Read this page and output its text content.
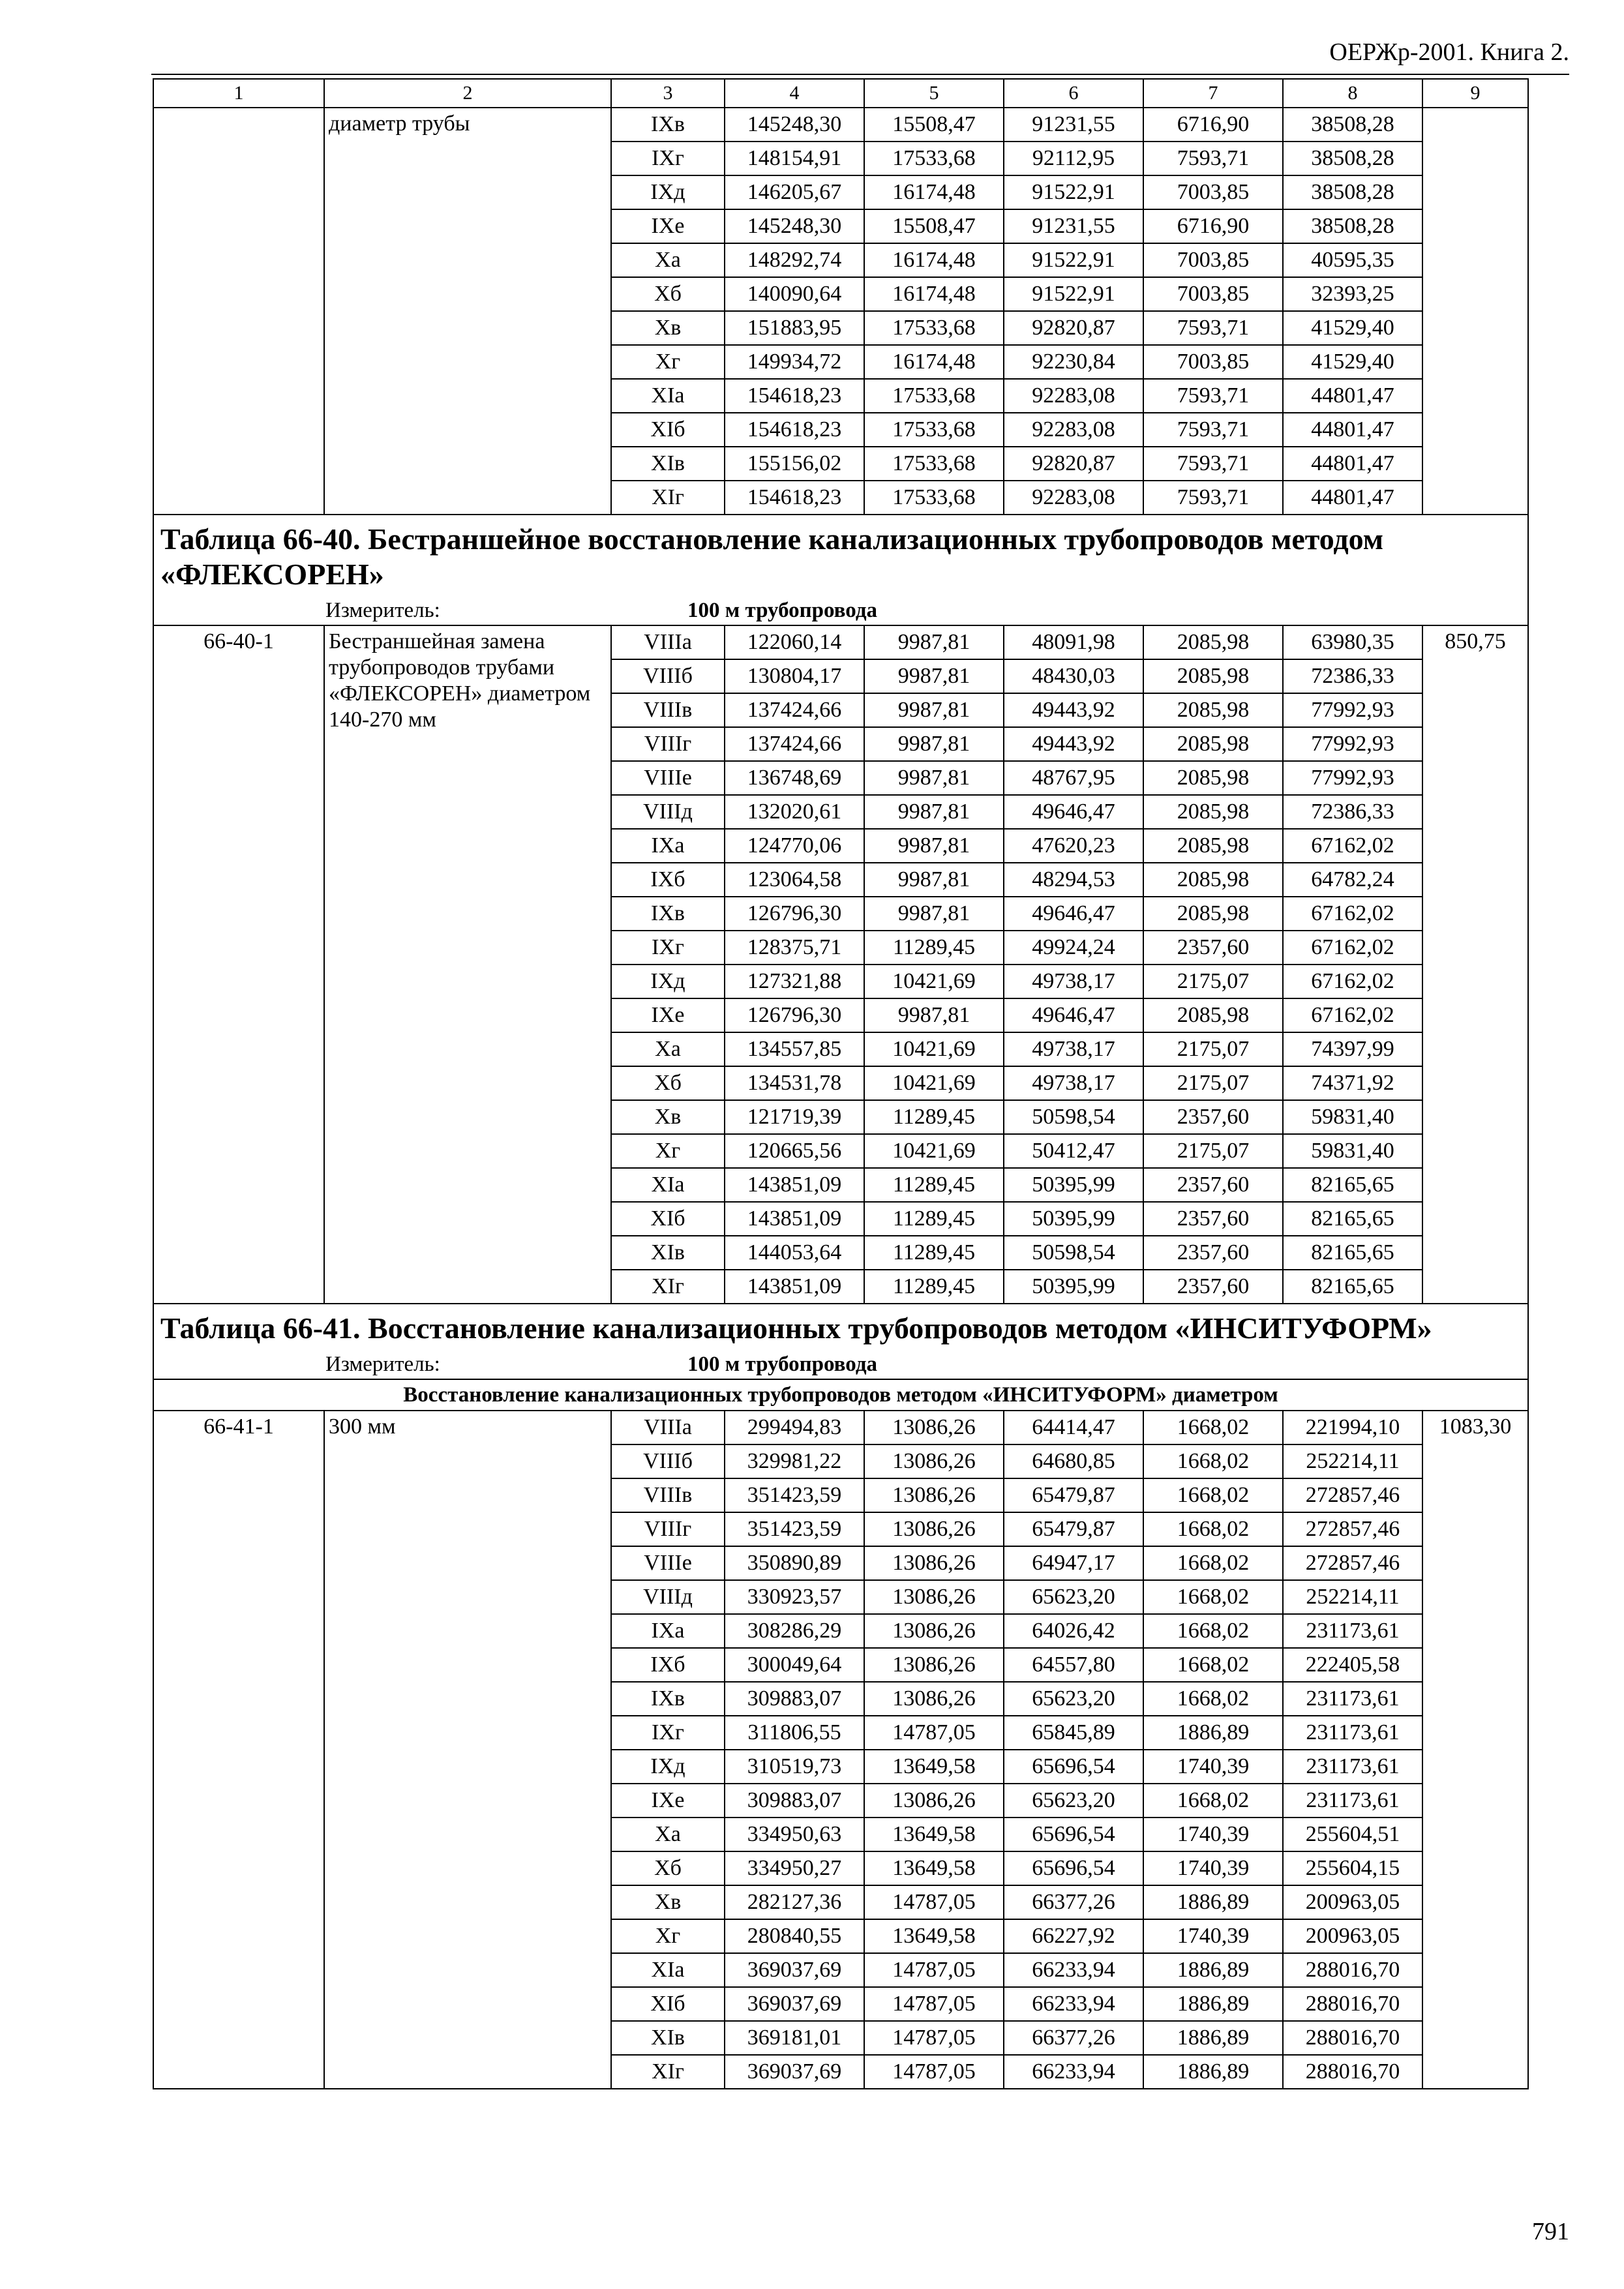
ОЕРЖр-2001. Книга 2.
1	2	3	4	5	6	7	8	9
	диаметр трубы	IXв	145248,30	15508,47	91231,55	6716,90	38508,28	
		IXг	148154,91	17533,68	92112,95	7593,71	38508,28	
		IXд	146205,67	16174,48	91522,91	7003,85	38508,28	
		IXе	145248,30	15508,47	91231,55	6716,90	38508,28	
		Xа	148292,74	16174,48	91522,91	7003,85	40595,35	
		Xб	140090,64	16174,48	91522,91	7003,85	32393,25	
		Xв	151883,95	17533,68	92820,87	7593,71	41529,40	
		Xг	149934,72	16174,48	92230,84	7003,85	41529,40	
		XIа	154618,23	17533,68	92283,08	7593,71	44801,47	
		XIб	154618,23	17533,68	92283,08	7593,71	44801,47	
		XIв	155156,02	17533,68	92820,87	7593,71	44801,47	
		XIг	154618,23	17533,68	92283,08	7593,71	44801,47	
Таблица 66-40. Бестраншейное восстановление канализационных трубопроводов методом «ФЛЕКСОРЕН»								

Измеритель: 100 м трубопровода								

66-40-1	Бестраншейная замена трубопроводов трубами «ФЛЕКСОРЕН» диаметром 140-270 мм	VIIIа	122060,14	9987,81	48091,98	2085,98	63980,35	850,75
		VIIIб	130804,17	9987,81	48430,03	2085,98	72386,33	
		VIIIв	137424,66	9987,81	49443,92	2085,98	77992,93	
		VIIIг	137424,66	9987,81	49443,92	2085,98	77992,93	
		VIIIе	136748,69	9987,81	48767,95	2085,98	77992,93	
		VIIIд	132020,61	9987,81	49646,47	2085,98	72386,33	
		IXа	124770,06	9987,81	47620,23	2085,98	67162,02	
		IXб	123064,58	9987,81	48294,53	2085,98	64782,24	
		IXв	126796,30	9987,81	49646,47	2085,98	67162,02	
		IXг	128375,71	11289,45	49924,24	2357,60	67162,02	
		IXд	127321,88	10421,69	49738,17	2175,07	67162,02	
		IXе	126796,30	9987,81	49646,47	2085,98	67162,02	
		Xа	134557,85	10421,69	49738,17	2175,07	74397,99	
		Xб	134531,78	10421,69	49738,17	2175,07	74371,92	
		Xв	121719,39	11289,45	50598,54	2357,60	59831,40	
		Xг	120665,56	10421,69	50412,47	2175,07	59831,40	
		XIа	143851,09	11289,45	50395,99	2357,60	82165,65	
		XIб	143851,09	11289,45	50395,99	2357,60	82165,65	
		XIв	144053,64	11289,45	50598,54	2357,60	82165,65	
		XIг	143851,09	11289,45	50395,99	2357,60	82165,65	
Таблица 66-41. Восстановление канализационных трубопроводов методом «ИНСИТУФОРМ»								

Измеритель: 100 м трубопровода								

Восстановление канализационных трубопроводов методом «ИНСИТУФОРМ» диаметром								
66-41-1	300 мм	VIIIа	299494,83	13086,26	64414,47	1668,02	221994,10	1083,30
		VIIIб	329981,22	13086,26	64680,85	1668,02	252214,11	
		VIIIв	351423,59	13086,26	65479,87	1668,02	272857,46	
		VIIIг	351423,59	13086,26	65479,87	1668,02	272857,46	
		VIIIе	350890,89	13086,26	64947,17	1668,02	272857,46	
		VIIIд	330923,57	13086,26	65623,20	1668,02	252214,11	
		IXа	308286,29	13086,26	64026,42	1668,02	231173,61	
		IXб	300049,64	13086,26	64557,80	1668,02	222405,58	
		IXв	309883,07	13086,26	65623,20	1668,02	231173,61	
		IXг	311806,55	14787,05	65845,89	1886,89	231173,61	
		IXд	310519,73	13649,58	65696,54	1740,39	231173,61	
		IXе	309883,07	13086,26	65623,20	1668,02	231173,61	
		Xа	334950,63	13649,58	65696,54	1740,39	255604,51	
		Xб	334950,27	13649,58	65696,54	1740,39	255604,15	
		Xв	282127,36	14787,05	66377,26	1886,89	200963,05	
		Xг	280840,55	13649,58	66227,92	1740,39	200963,05	
		XIа	369037,69	14787,05	66233,94	1886,89	288016,70	
		XIб	369037,69	14787,05	66233,94	1886,89	288016,70	
		XIв	369181,01	14787,05	66377,26	1886,89	288016,70	
		XIг	369037,69	14787,05	66233,94	1886,89	288016,70	
791
